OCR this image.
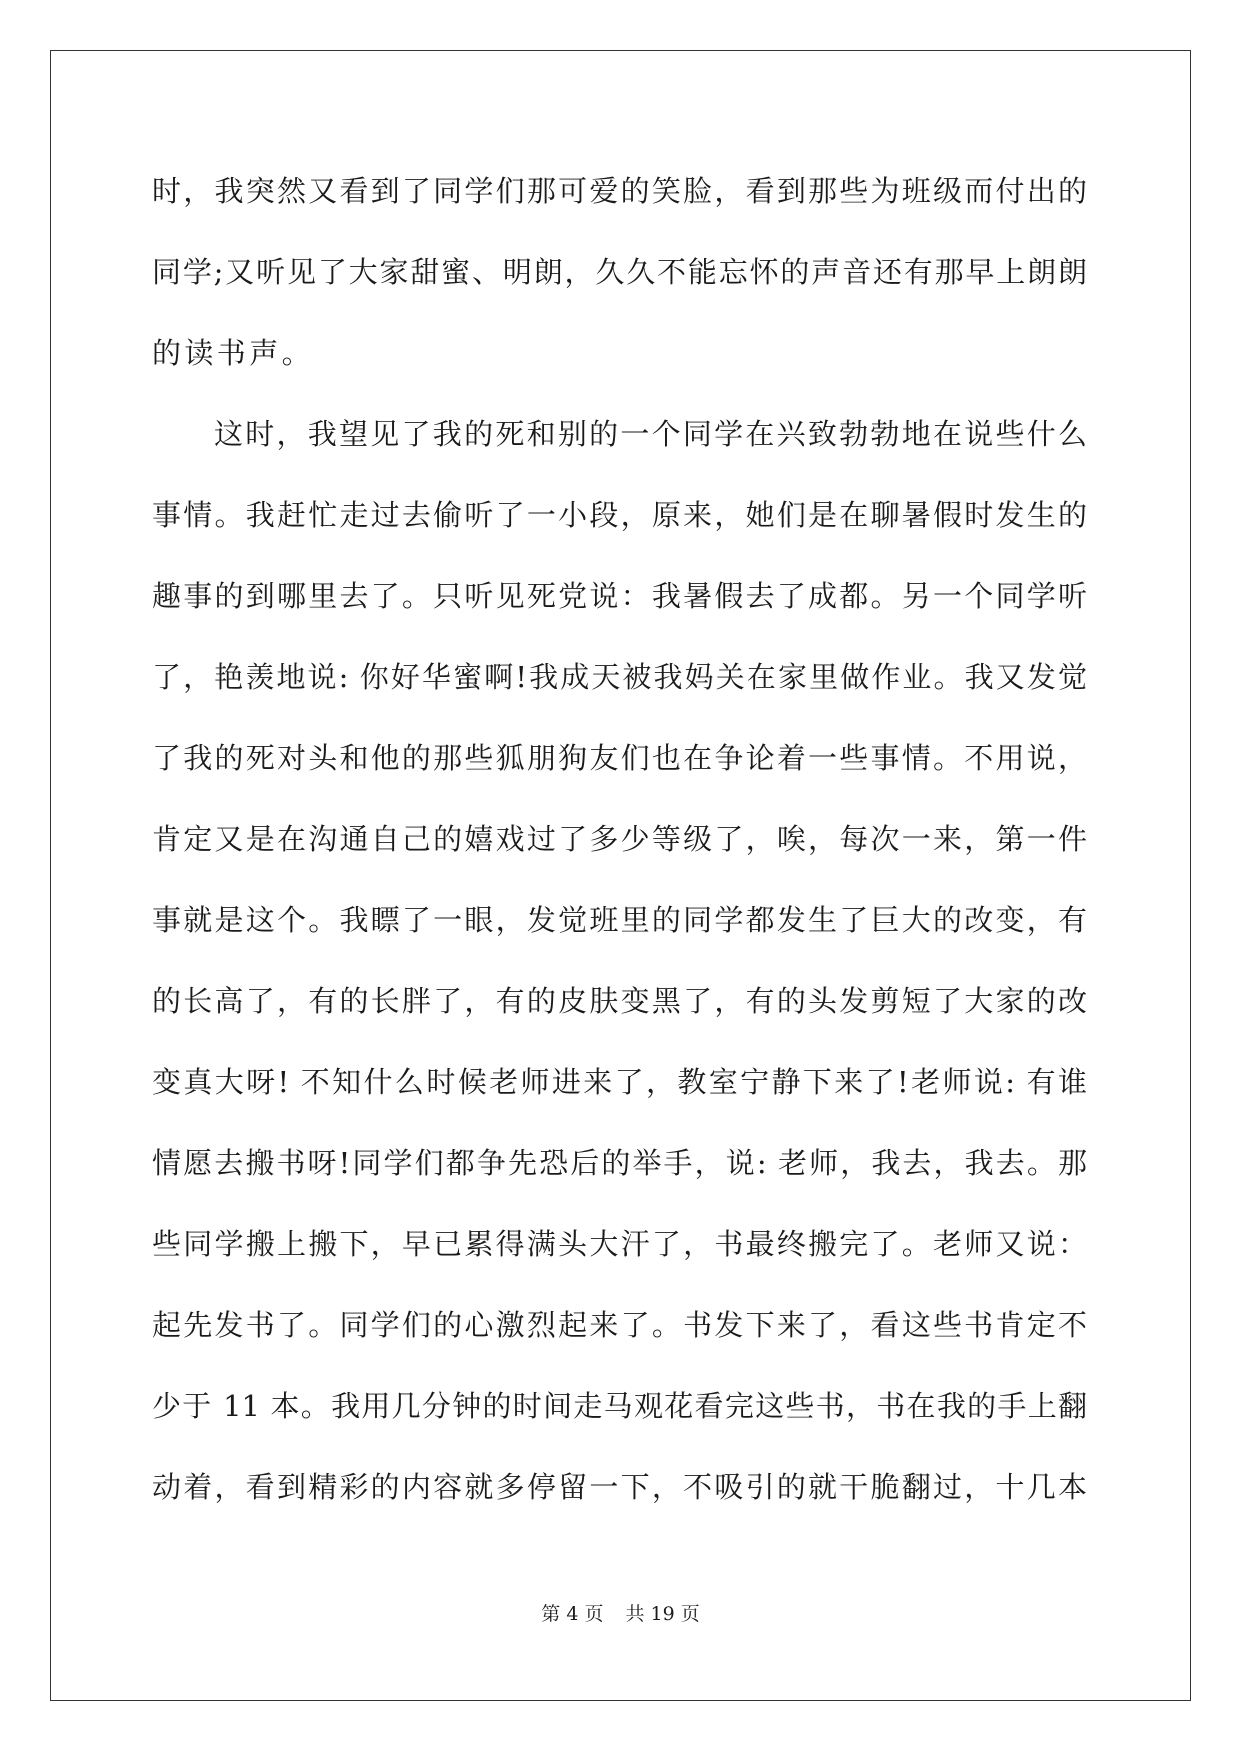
时，我突然又看到了同学们那可爱的笑脸，看到那些为班级而付出的
同学;又听见了大家甜蜜、明朗，久久不能忘怀的声音还有那早上朗朗
的读书声。
这时，我望见了我的死和别的一个同学在兴致勃勃地在说些什么
事情。我赶忙走过去偷听了一小段，原来，她们是在聊暑假时发生的
趣事的到哪里去了。只听见死党说：我暑假去了成都。另一个同学听
了，艳羡地说: 你好华蜜啊!我成天被我妈关在家里做作业。我又发觉
了我的死对头和他的那些狐朋狗友们也在争论着一些事情。不用说，
肯定又是在沟通自己的嬉戏过了多少等级了，唉，每次一来，第一件
事就是这个。我瞟了一眼，发觉班里的同学都发生了巨大的改变，有
的长高了，有的长胖了，有的皮肤变黑了，有的头发剪短了大家的改
变真大呀! 不知什么时候老师进来了，教室宁静下来了!老师说: 有谁
情愿去搬书呀!同学们都争先恐后的举手，说: 老师，我去，我去。那
些同学搬上搬下，早已累得满头大汗了，书最终搬完了。老师又说：
起先发书了。同学们的心激烈起来了。书发下来了，看这些书肯定不
少于 11 本。我用几分钟的时间走马观花看完这些书，书在我的手上翻
动着，看到精彩的内容就多停留一下，不吸引的就干脆翻过，十几本
第 4 页 共 19 页
